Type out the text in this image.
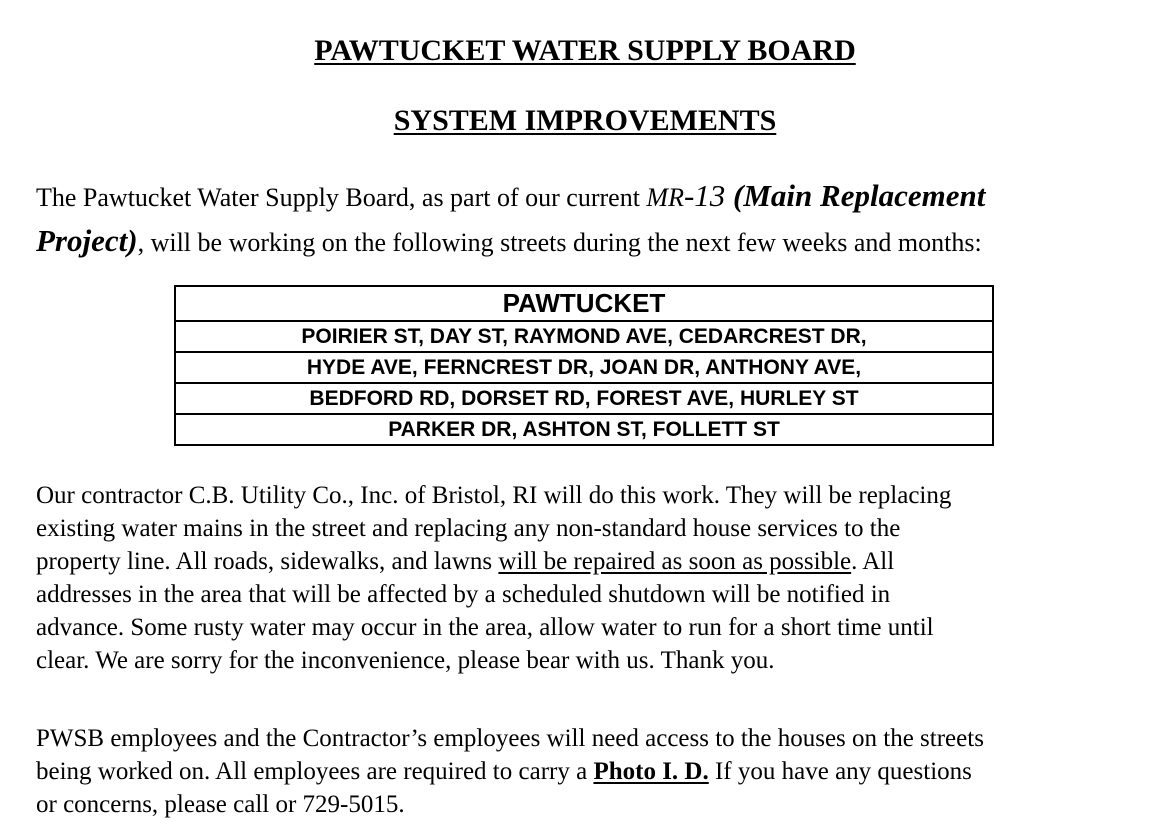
PAWTUCKET WATER SUPPLY BOARD
SYSTEM IMPROVEMENTS

The Pawtucket Water Supply Board, as part of our current MR-13 (Main Replacement
Project), will be working on the following streets during the next few weeks and months:

PAWTUCKET
POIRIER ST, DAY ST, RAYMOND AVE, CEDARCREST DR,
HYDE AVE, FERNCREST DR, JOAN DR, ANTHONY AVE,
BEDFORD RD, DORSET RD, FOREST AVE, HURLEY ST
PARKER DR, ASHTON ST, FOLLETT ST

Our contractor C.B. Utility Co., Inc. of Bristol, RI will do this work. They will be replacing
existing water mains in the street and replacing any non-standard house services to the
property line. All roads, sidewalks, and lawns will be repaired as soon as possible. All
addresses in the area that will be affected by a scheduled shutdown will be notified in
advance. Some rusty water may occur in the area, allow water to run for a short time until
clear. We are sorry for the inconvenience, please bear with us. Thank you.

PWSB employees and the Contractor’s employees will need access to the houses on the streets
being worked on. All employees are required to carry a Photo I. D. If you have any questions
or concerns, please call or 729-5015.
